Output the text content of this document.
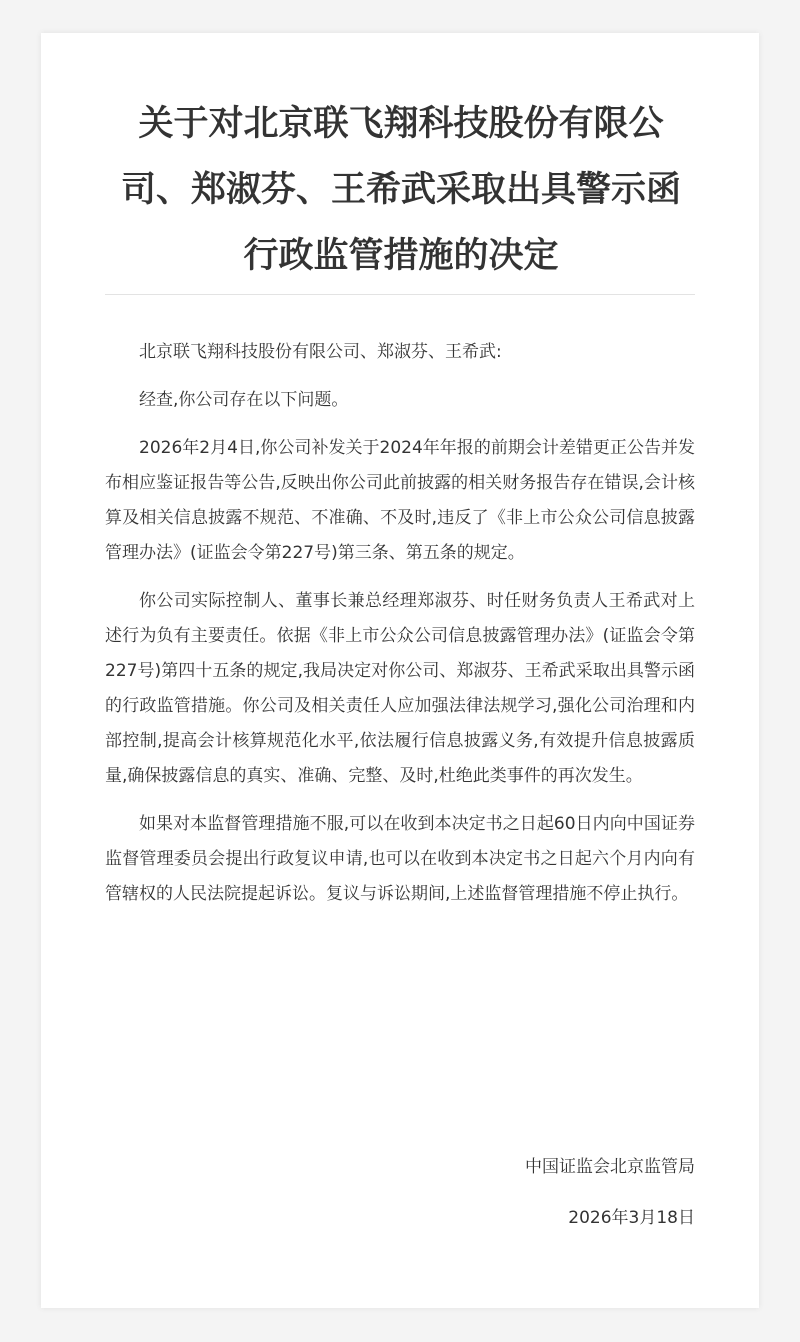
关于对北京联飞翔科技股份有限公司、郑淑芬、王希武采取出具警示函行政监管措施的决定

北京联飞翔科技股份有限公司、郑淑芬、王希武:

经查,你公司存在以下问题。

2026年2月4日,你公司补发关于2024年年报的前期会计差错更正公告并发布相应鉴证报告等公告,反映出你公司此前披露的相关财务报告存在错误,会计核算及相关信息披露不规范、不准确、不及时,违反了《非上市公众公司信息披露管理办法》(证监会令第227号)第三条、第五条的规定。

你公司实际控制人、董事长兼总经理郑淑芬、时任财务负责人王希武对上述行为负有主要责任。依据《非上市公众公司信息披露管理办法》(证监会令第227号)第四十五条的规定,我局决定对你公司、郑淑芬、王希武采取出具警示函的行政监管措施。你公司及相关责任人应加强法律法规学习,强化公司治理和内部控制,提高会计核算规范化水平,依法履行信息披露义务,有效提升信息披露质量,确保披露信息的真实、准确、完整、及时,杜绝此类事件的再次发生。

如果对本监督管理措施不服,可以在收到本决定书之日起60日内向中国证券监督管理委员会提出行政复议申请,也可以在收到本决定书之日起六个月内向有管辖权的人民法院提起诉讼。复议与诉讼期间,上述监督管理措施不停止执行。

中国证监会北京监管局

2026年3月18日
